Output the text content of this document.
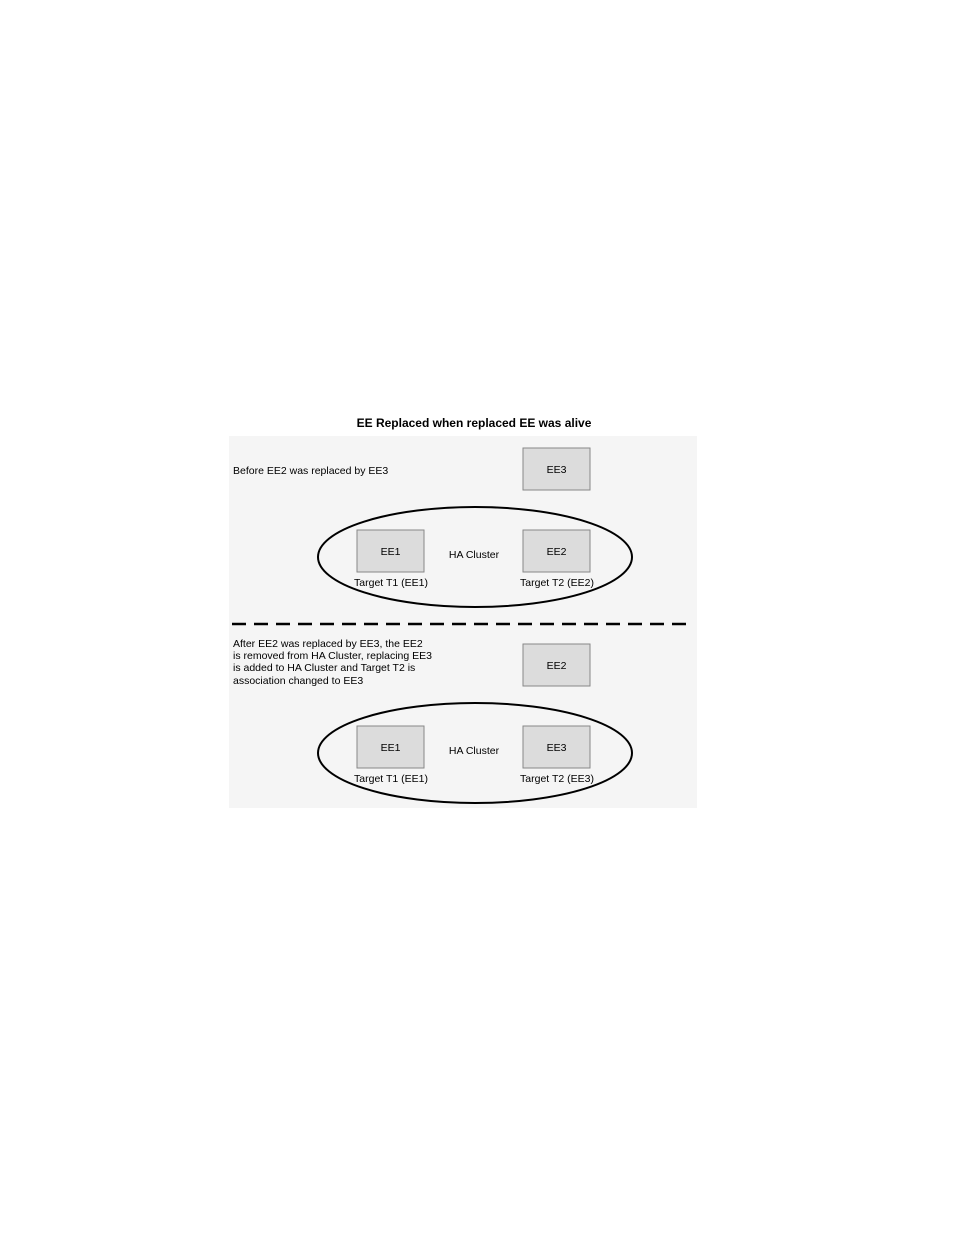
EE Replaced when replaced EE was alive
Before EE2 was replaced by EE3	EE3
EE1
Target T1 (EE1)
HA Cluster	EE2
Target T2 (EE2)
After EE2 was replaced by EE3, the EE2
is removed from HA Cluster, replacing EE3
is added to HA Cluster and Target T2 is
association changed to EE3
EE2
EE1
Target T1 (EE1)
HA Cluster	EE3
Target T2 (EE3)
